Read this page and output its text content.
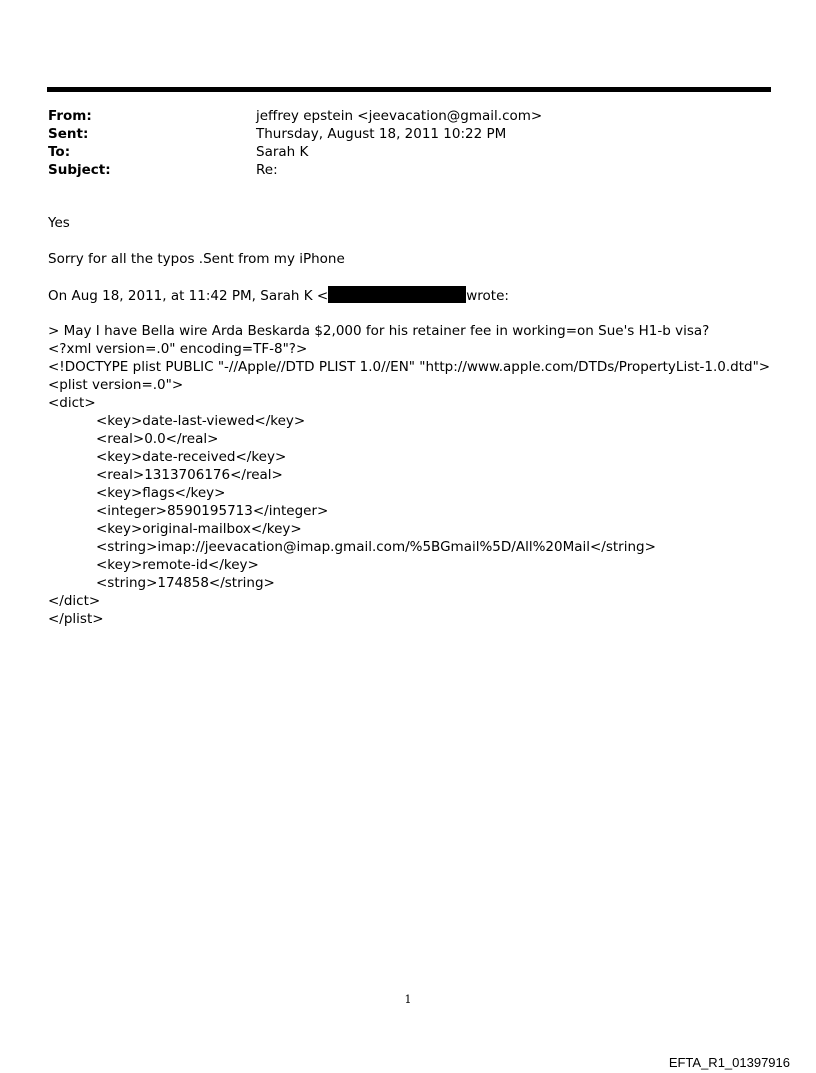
From:	jeffrey epstein <jeevacation@gmail.com>
Sent:	Thursday, August 18, 2011 10:22 PM
To:	Sarah K
Subject:	Re:
Yes
Sorry for all the typos .Sent from my iPhone
On Aug 18, 2011, at 11:42 PM, Sarah K <	wrote:
> May I have Bella wire Arda Beskarda $2,000 for his retainer fee in working=on Sue's H1-b visa?
<?xml version=.0" encoding=TF-8"?>
<!DOCTYPE plist PUBLIC "-//Apple//DTD PLIST 1.0//EN" "http://www.apple.com/DTDs/PropertyList-1.0.dtd">
<plist version=.0">
<dict>
<key>date-last-viewed</key>
<real>0.0</real>
<key>date-received</key>
<real>1313706176</real>
<key>flags</key>
<integer>8590195713</integer>
<key>original-mailbox</key>
<string>imap://jeevacation@imap.gmail.com/%5BGmail%5D/All%20Mail</string>
<key>remote-id</key>
<string>174858</string>
</dict>
</plist>
1
EFTA_R1_01397916
